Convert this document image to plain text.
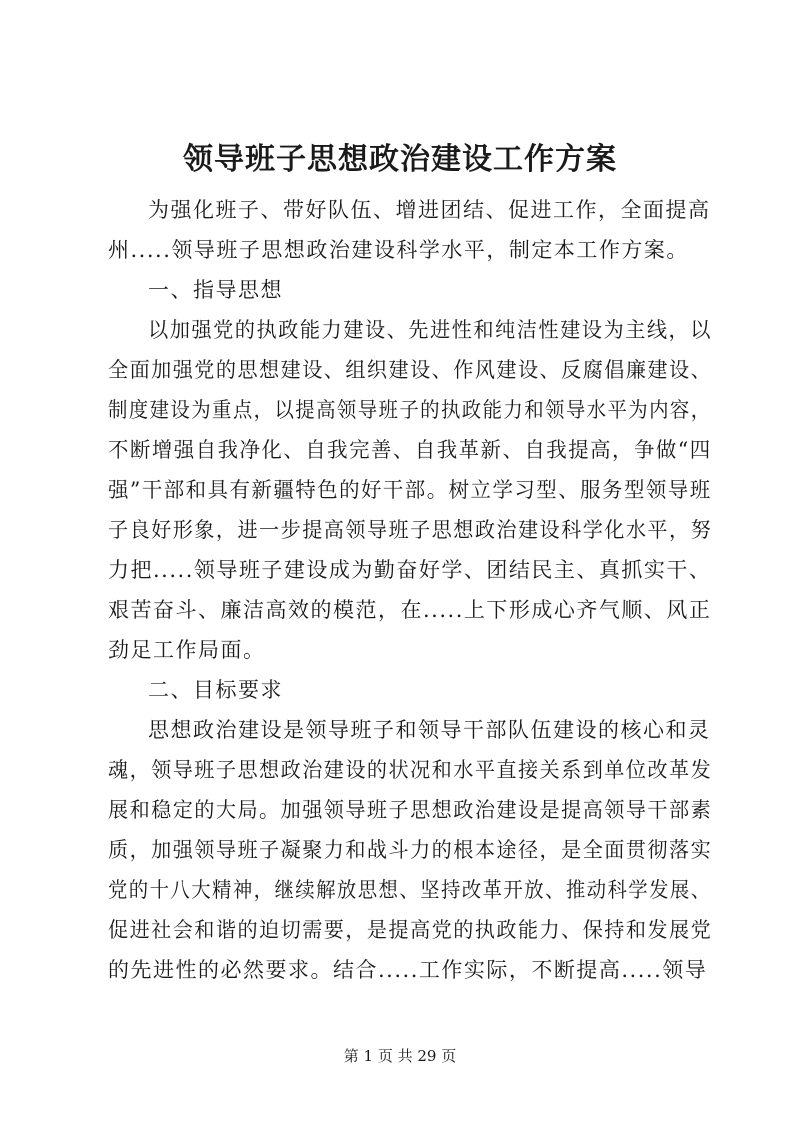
领导班子思想政治建设工作方案
为强化班子、带好队伍、增进团结、促进工作，全面提高
州.....领导班子思想政治建设科学水平，制定本工作方案。
一、指导思想
以加强党的执政能力建设、先进性和纯洁性建设为主线，以
全面加强党的思想建设、组织建设、作风建设、反腐倡廉建设、
制度建设为重点，以提高领导班子的执政能力和领导水平为内容，
不断增强自我净化、自我完善、自我革新、自我提高，争做“四
强”干部和具有新疆特色的好干部。树立学习型、服务型领导班
子良好形象，进一步提高领导班子思想政治建设科学化水平，努
力把.....领导班子建设成为勤奋好学、团结民主、真抓实干、
艰苦奋斗、廉洁高效的模范，在.....上下形成心齐气顺、风正
劲足工作局面。
二、目标要求
思想政治建设是领导班子和领导干部队伍建设的核心和灵
魂，领导班子思想政治建设的状况和水平直接关系到单位改革发
展和稳定的大局。加强领导班子思想政治建设是提高领导干部素
质，加强领导班子凝聚力和战斗力的根本途径，是全面贯彻落实
党的十八大精神，继续解放思想、坚持改革开放、推动科学发展、
促进社会和谐的迫切需要，是提高党的执政能力、保持和发展党
的先进性的必然要求。结合.....工作实际，不断提高.....领导
第 1 页 共 29 页
